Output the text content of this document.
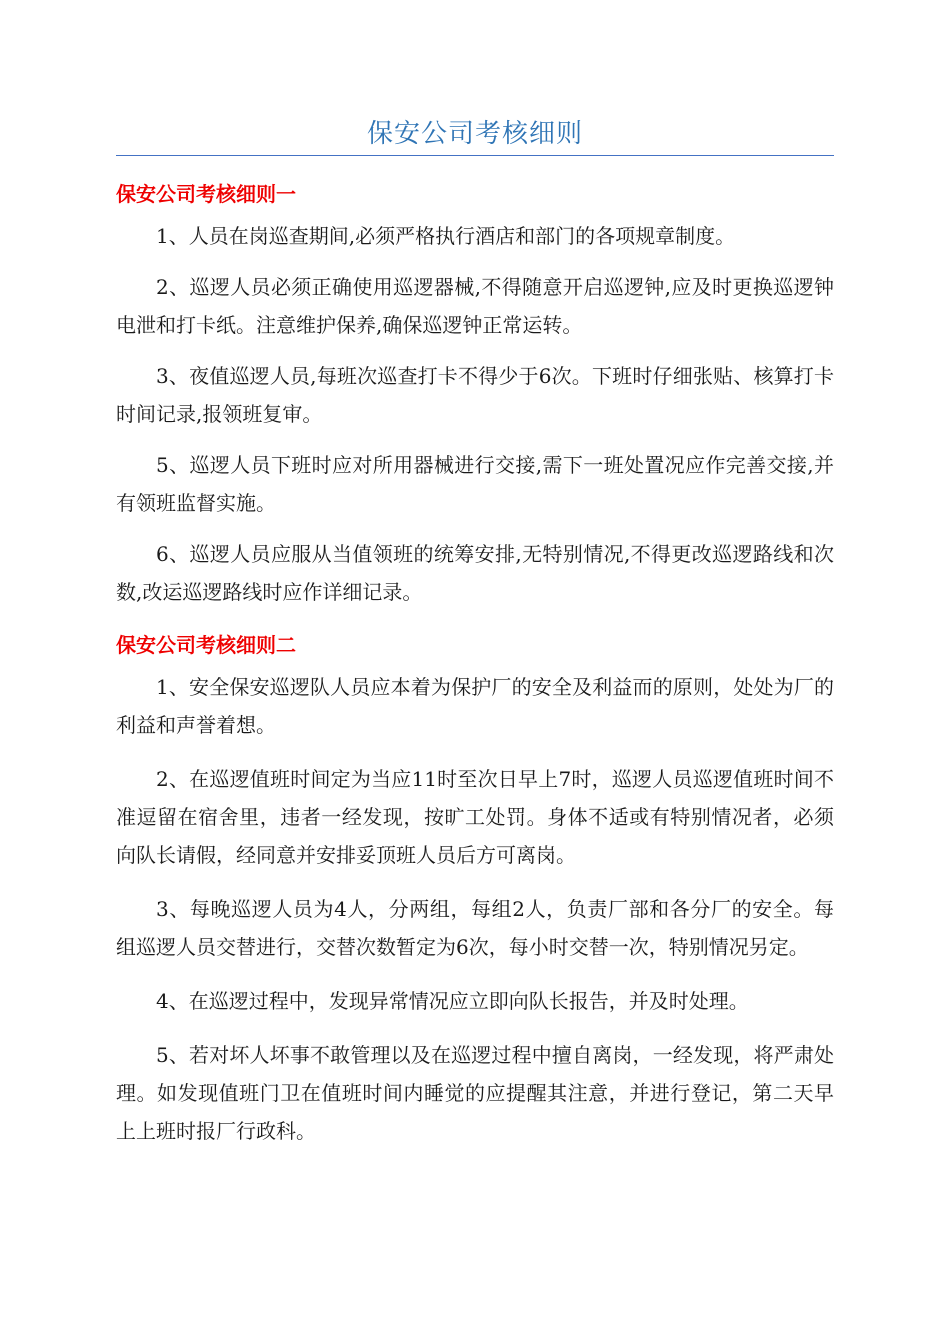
保安公司考核细则
保安公司考核细则一

1、人员在岗巡查期间,必须严格执行酒店和部门的各项规章制度。

2、巡逻人员必须正确使用巡逻器械,不得随意开启巡逻钟,应及时更换巡逻钟电泄和打卡纸。注意维护保养,确保巡逻钟正常运转。

3、夜值巡逻人员,每班次巡查打卡不得少于6次。下班时仔细张贴、核算打卡时间记录,报领班复审。

5、巡逻人员下班时应对所用器械进行交接,需下一班处置况应作完善交接,并有领班监督实施。

6、巡逻人员应服从当值领班的统筹安排,无特别情况,不得更改巡逻路线和次数,改运巡逻路线时应作详细记录。

保安公司考核细则二

1、安全保安巡逻队人员应本着为保护厂的安全及利益而的原则，处处为厂的利益和声誉着想。

2、在巡逻值班时间定为当应11时至次日早上7时，巡逻人员巡逻值班时间不准逗留在宿舍里，违者一经发现，按旷工处罚。身体不适或有特别情况者，必须向队长请假，经同意并安排妥顶班人员后方可离岗。

3、每晚巡逻人员为4人，分两组，每组2人，负责厂部和各分厂的安全。每组巡逻人员交替进行，交替次数暂定为6次，每小时交替一次，特别情况另定。

4、在巡逻过程中，发现异常情况应立即向队长报告，并及时处理。

5、若对坏人坏事不敢管理以及在巡逻过程中擅自离岗，一经发现，将严肃处理。如发现值班门卫在值班时间内睡觉的应提醒其注意，并进行登记，第二天早上上班时报厂行政科。
